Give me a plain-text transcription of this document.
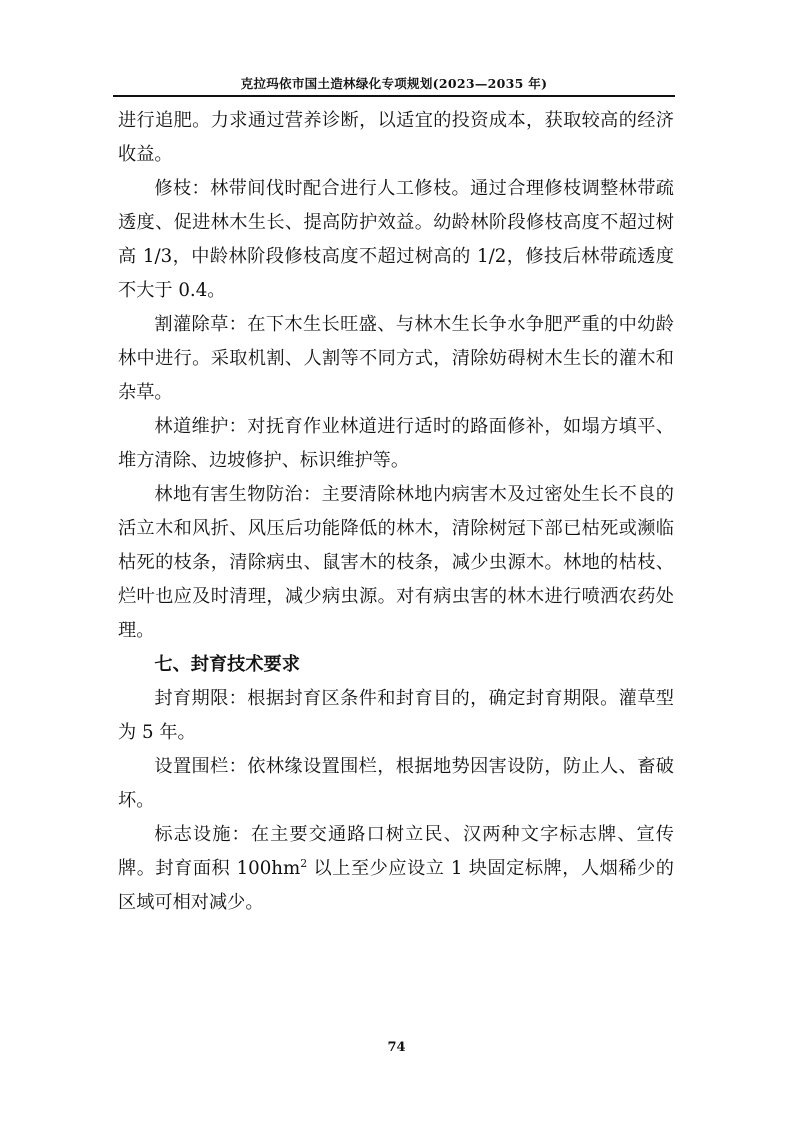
克拉玛依市国土造林绿化专项规划(2023—2035 年)

进行追肥。力求通过营养诊断，以适宜的投资成本，获取较高的经济收益。

修枝：林带间伐时配合进行人工修枝。通过合理修枝调整林带疏透度、促进林木生长、提高防护效益。幼龄林阶段修枝高度不超过树高 1/3，中龄林阶段修枝高度不超过树高的 1/2，修技后林带疏透度不大于 0.4。

割灌除草：在下木生长旺盛、与林木生长争水争肥严重的中幼龄林中进行。采取机割、人割等不同方式，清除妨碍树木生长的灌木和杂草。

林道维护：对抚育作业林道进行适时的路面修补，如塌方填平、堆方清除、边坡修护、标识维护等。

林地有害生物防治：主要清除林地内病害木及过密处生长不良的活立木和风折、风压后功能降低的林木，清除树冠下部已枯死或濒临枯死的枝条，清除病虫、鼠害木的枝条，减少虫源木。林地的枯枝、烂叶也应及时清理，减少病虫源。对有病虫害的林木进行喷洒农药处理。

七、封育技术要求

封育期限：根据封育区条件和封育目的，确定封育期限。灌草型为 5 年。

设置围栏：依林缘设置围栏，根据地势因害设防，防止人、畜破坏。

标志设施：在主要交通路口树立民、汉两种文字标志牌、宣传牌。封育面积 $100hm^2$ 以上至少应设立 1 块固定标牌，人烟稀少的区域可相对减少。

74
